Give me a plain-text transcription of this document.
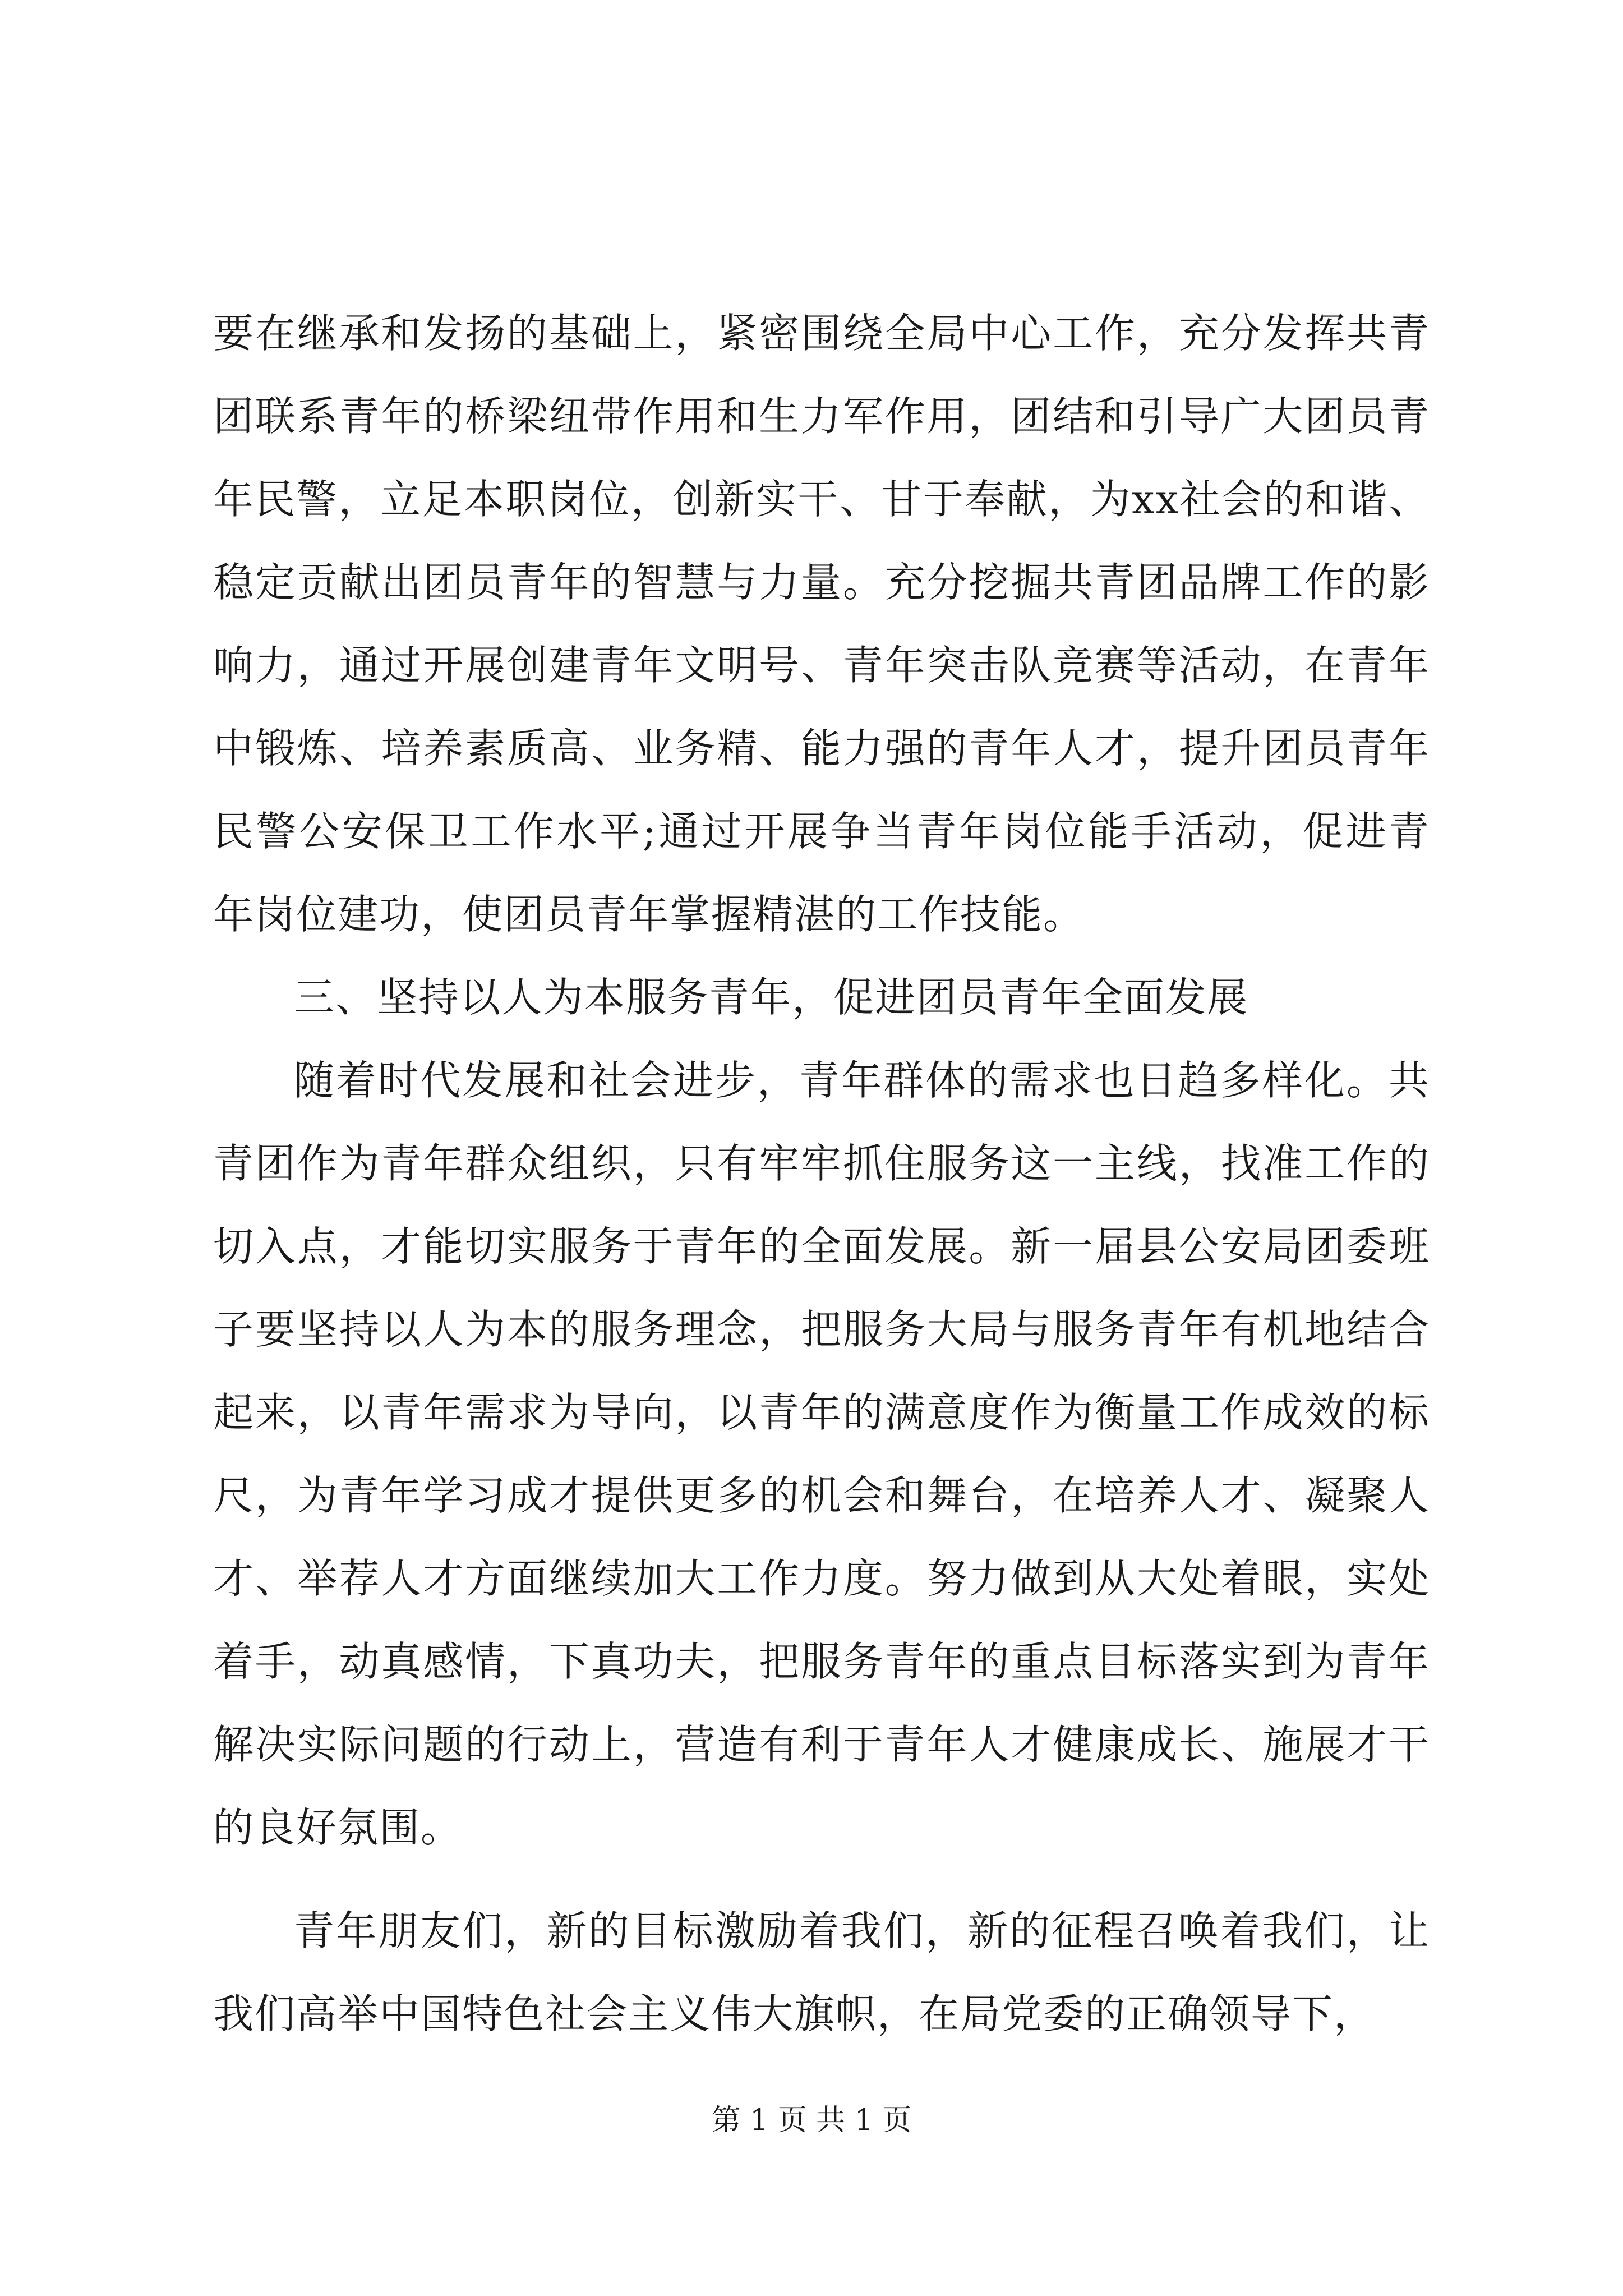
要在继承和发扬的基础上，紧密围绕全局中心工作，充分发挥共青团联系青年的桥梁纽带作用和生力军作用，团结和引导广大团员青年民警，立足本职岗位，创新实干、甘于奉献，为xx社会的和谐、稳定贡献出团员青年的智慧与力量。充分挖掘共青团品牌工作的影响力，通过开展创建青年文明号、青年突击队竞赛等活动，在青年中锻炼、培养素质高、业务精、能力强的青年人才，提升团员青年民警公安保卫工作水平;通过开展争当青年岗位能手活动，促进青年岗位建功，使团员青年掌握精湛的工作技能。

三、坚持以人为本服务青年，促进团员青年全面发展

随着时代发展和社会进步，青年群体的需求也日趋多样化。共青团作为青年群众组织，只有牢牢抓住服务这一主线，找准工作的切入点，才能切实服务于青年的全面发展。新一届县公安局团委班子要坚持以人为本的服务理念，把服务大局与服务青年有机地结合起来，以青年需求为导向，以青年的满意度作为衡量工作成效的标尺，为青年学习成才提供更多的机会和舞台，在培养人才、凝聚人才、举荐人才方面继续加大工作力度。努力做到从大处着眼，实处着手，动真感情，下真功夫，把服务青年的重点目标落实到为青年解决实际问题的行动上，营造有利于青年人才健康成长、施展才干的良好氛围。

青年朋友们，新的目标激励着我们，新的征程召唤着我们，让我们高举中国特色社会主义伟大旗帜，在局党委的正确领导下，

第 1 页 共 1 页
